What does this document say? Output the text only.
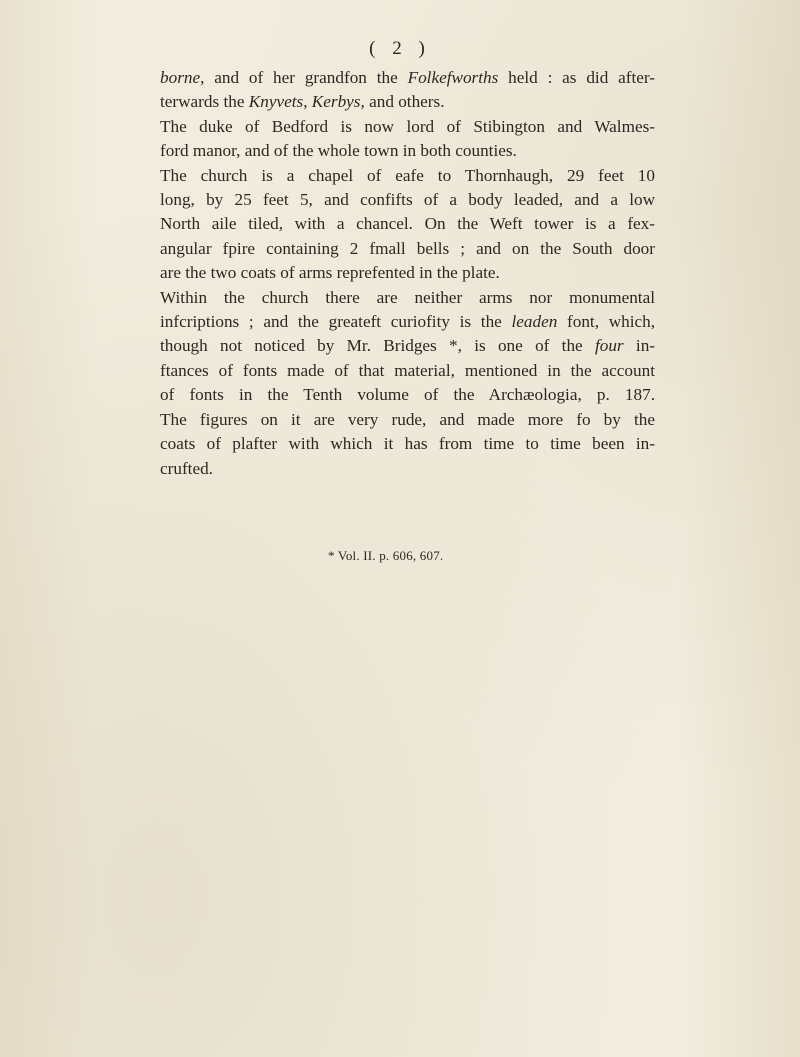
( 2 )
borne, and of her grandfon the Folkefworths held : as did after-
terwards the Knyvets, Kerbys, and others.
The duke of Bedford is now lord of Stibington and Walmes-
ford manor, and of the whole town in both counties.
The church is a chapel of eafe to Thornhaugh, 29 feet 10
long, by 25 feet 5, and confifts of a body leaded, and a low
North aile tiled, with a chancel. On the Weft tower is a fex-
angular fpire containing 2 fmall bells ; and on the South door
are the two coats of arms reprefented in the plate.
Within the church there are neither arms nor monumental
infcriptions ; and the greateft curiofity is the leaden font, which,
though not noticed by Mr. Bridges *, is one of the four in-
ftances of fonts made of that material, mentioned in the account
of fonts in the Tenth volume of the Archæologia, p. 187.
The figures on it are very rude, and made more fo by the
coats of plafter with which it has from time to time been in-
crufted.
* Vol. II. p. 606, 607.
